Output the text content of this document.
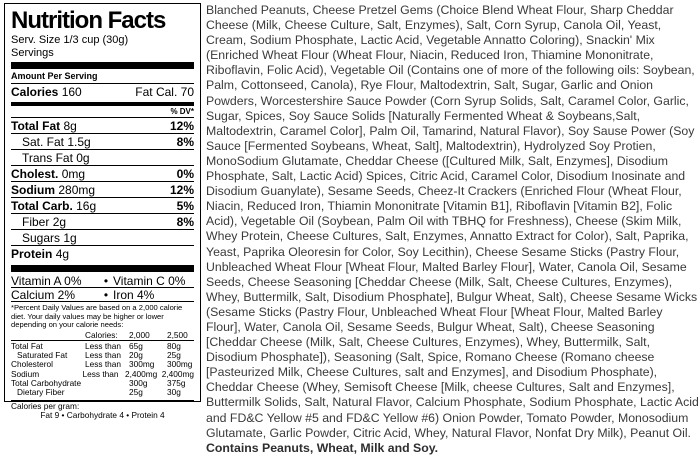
Nutrition Facts
Serv. Size 1/3 cup (30g)
Servings
Amount Per Serving
Calories 160	Fat Cal. 70
% DV*
Total Fat 8g	12%
Sat. Fat 1.5g	8%
Trans Fat 0g
Cholest. 0mg	0%
Sodium 280mg	12%
Total Carb. 16g	5%
Fiber 2g	8%
Sugars 1g
Protein 4g
Vitamin A 0%	• Vitamin C 0%
Calcium 2%	• Iron 4%
*Percent Daily Values are based on a 2,000 calorie diet. Your daily values may be higher or lower depending on your calorie needs:
Calories:	2,000	2,500
Total Fat	Less than 65g	80g
Saturated Fat	Less than 20g	25g
Cholesterol	Less than 300mg	300mg
Sodium	Less than 2,400mg 2,400mg
Total Carbohydrate	300g	375g
Dietary Fiber	25g	30g
Calories per gram:
Fat 9 • Carbohydrate 4 • Protein 4

Blanched Peanuts, Cheese Pretzel Gems (Choice Blend Wheat Flour, Sharp Cheddar Cheese (Milk, Cheese Culture, Salt, Enzymes), Salt, Corn Syrup, Canola Oil, Yeast, Cream, Sodium Phosphate, Lactic Acid, Vegetable Annatto Coloring), Snackin' Mix (Enriched Wheat Flour (Wheat Flour, Niacin, Reduced Iron, Thiamine Mononitrate, Riboflavin, Folic Acid), Vegetable Oil (Contains one of more of the following oils: Soybean, Palm, Cottonseed, Canola), Rye Flour, Maltodextrin, Salt, Sugar, Garlic and Onion Powders, Worcestershire Sauce Powder (Corn Syrup Solids, Salt, Caramel Color, Garlic, Sugar, Spices, Soy Sauce Solids [Naturally Fermented Wheat & Soybeans,Salt, Maltodextrin, Caramel Color], Palm Oil, Tamarind, Natural Flavor), Soy Sause Power (Soy Sauce [Fermented Soybeans, Wheat, Salt], Maltodextrin), Hydrolyzed Soy Protien, MonoSodium Glutamate, Cheddar Cheese ([Cultured Milk, Salt, Enzymes], Disodium Phosphate, Salt, Lactic Acid) Spices, Citric Acid, Caramel Color, Disodium Inosinate and Disodium Guanylate), Sesame Seeds, Cheez-It Crackers (Enriched Flour (Wheat Flour, Niacin, Reduced Iron, Thiamin Mononitrate [Vitamin B1], Riboflavin [Vitamin B2], Folic Acid), Vegetable Oil (Soybean, Palm Oil with TBHQ for Freshness), Cheese (Skim Milk, Whey Protein, Cheese Cultures, Salt, Enzymes, Annatto Extract for Color), Salt, Paprika, Yeast, Paprika Oleoresin for Color, Soy Lecithin), Cheese Sesame Sticks (Pastry Flour, Unbleached Wheat Flour [Wheat Flour, Malted Barley Flour], Water, Canola Oil, Sesame Seeds, Cheese Seasoning [Cheddar Cheese (Milk, Salt, Cheese Cultures, Enzymes), Whey, Buttermilk, Salt, Disodium Phosphate], Bulgur Wheat, Salt), Cheese Sesame Wicks (Sesame Sticks (Pastry Flour, Unbleached Wheat Flour [Wheat Flour, Malted Barley Flour], Water, Canola Oil, Sesame Seeds, Bulgur Wheat, Salt), Cheese Seasoning [Cheddar Cheese (Milk, Salt, Cheese Cultures, Enzymes), Whey, Buttermilk, Salt, Disodium Phosphate]), Seasoning (Salt, Spice, Romano Cheese (Romano cheese [Pasteurized Milk, Cheese Cultures, salt and Enzymes], and Disodium Phosphate), Cheddar Cheese (Whey, Semisoft Cheese [Milk, cheese Cultures, Salt and Enzymes], Buttermilk Solids, Salt, Natural Flavor, Calcium Phosphate, Sodium Phosphate, Lactic Acid and FD&C Yellow #5 and FD&C Yellow #6) Onion Powder, Tomato Powder, Monosodium Glutamate, Garlic Powder, Citric Acid, Whey, Natural Flavor, Nonfat Dry Milk), Peanut Oil. Contains Peanuts, Wheat, Milk and Soy.
